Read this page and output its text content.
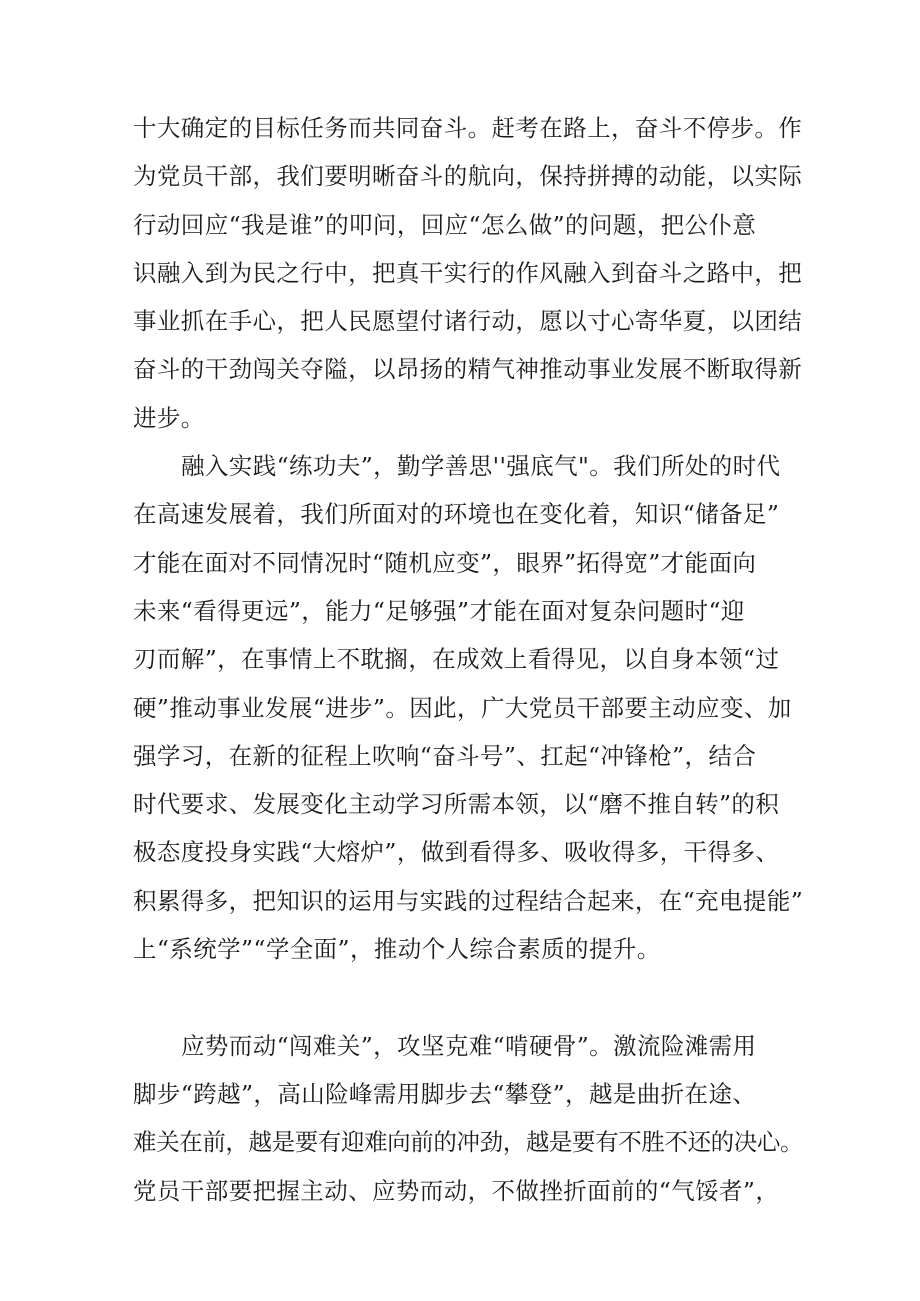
十大确定的目标任务而共同奋斗。赶考在路上，奋斗不停步。作
为党员干部，我们要明晰奋斗的航向，保持拼搏的动能，以实际
行动回应“我是谁”的叩问，回应“怎么做”的问题，把公仆意
识融入到为民之行中，把真干实行的作风融入到奋斗之路中，把
事业抓在手心，把人民愿望付诸行动，愿以寸心寄华夏，以团结
奋斗的干劲闯关夺隘，以昂扬的精气神推动事业发展不断取得新
进步。
融入实践“练功夫”，勤学善思''强底气"。我们所处的时代
在高速发展着，我们所面对的环境也在变化着，知识“储备足”
才能在面对不同情况时“随机应变”，眼界”拓得宽”才能面向
未来“看得更远”，能力“足够强”才能在面对复杂问题时“迎
刃而解”，在事情上不耽搁，在成效上看得见，以自身本领“过
硬”推动事业发展“进步”。因此，广大党员干部要主动应变、加
强学习，在新的征程上吹响“奋斗号”、扛起“冲锋枪”，结合
时代要求、发展变化主动学习所需本领，以“磨不推自转”的积
极态度投身实践“大熔炉”，做到看得多、吸收得多，干得多、
积累得多，把知识的运用与实践的过程结合起来，在“充电提能”
上“系统学”“学全面”，推动个人综合素质的提升。
应势而动“闯难关”，攻坚克难“啃硬骨”。激流险滩需用
脚步“跨越”，高山险峰需用脚步去“攀登”，越是曲折在途、
难关在前，越是要有迎难向前的冲劲，越是要有不胜不还的决心。
党员干部要把握主动、应势而动，不做挫折面前的“气馁者”，
